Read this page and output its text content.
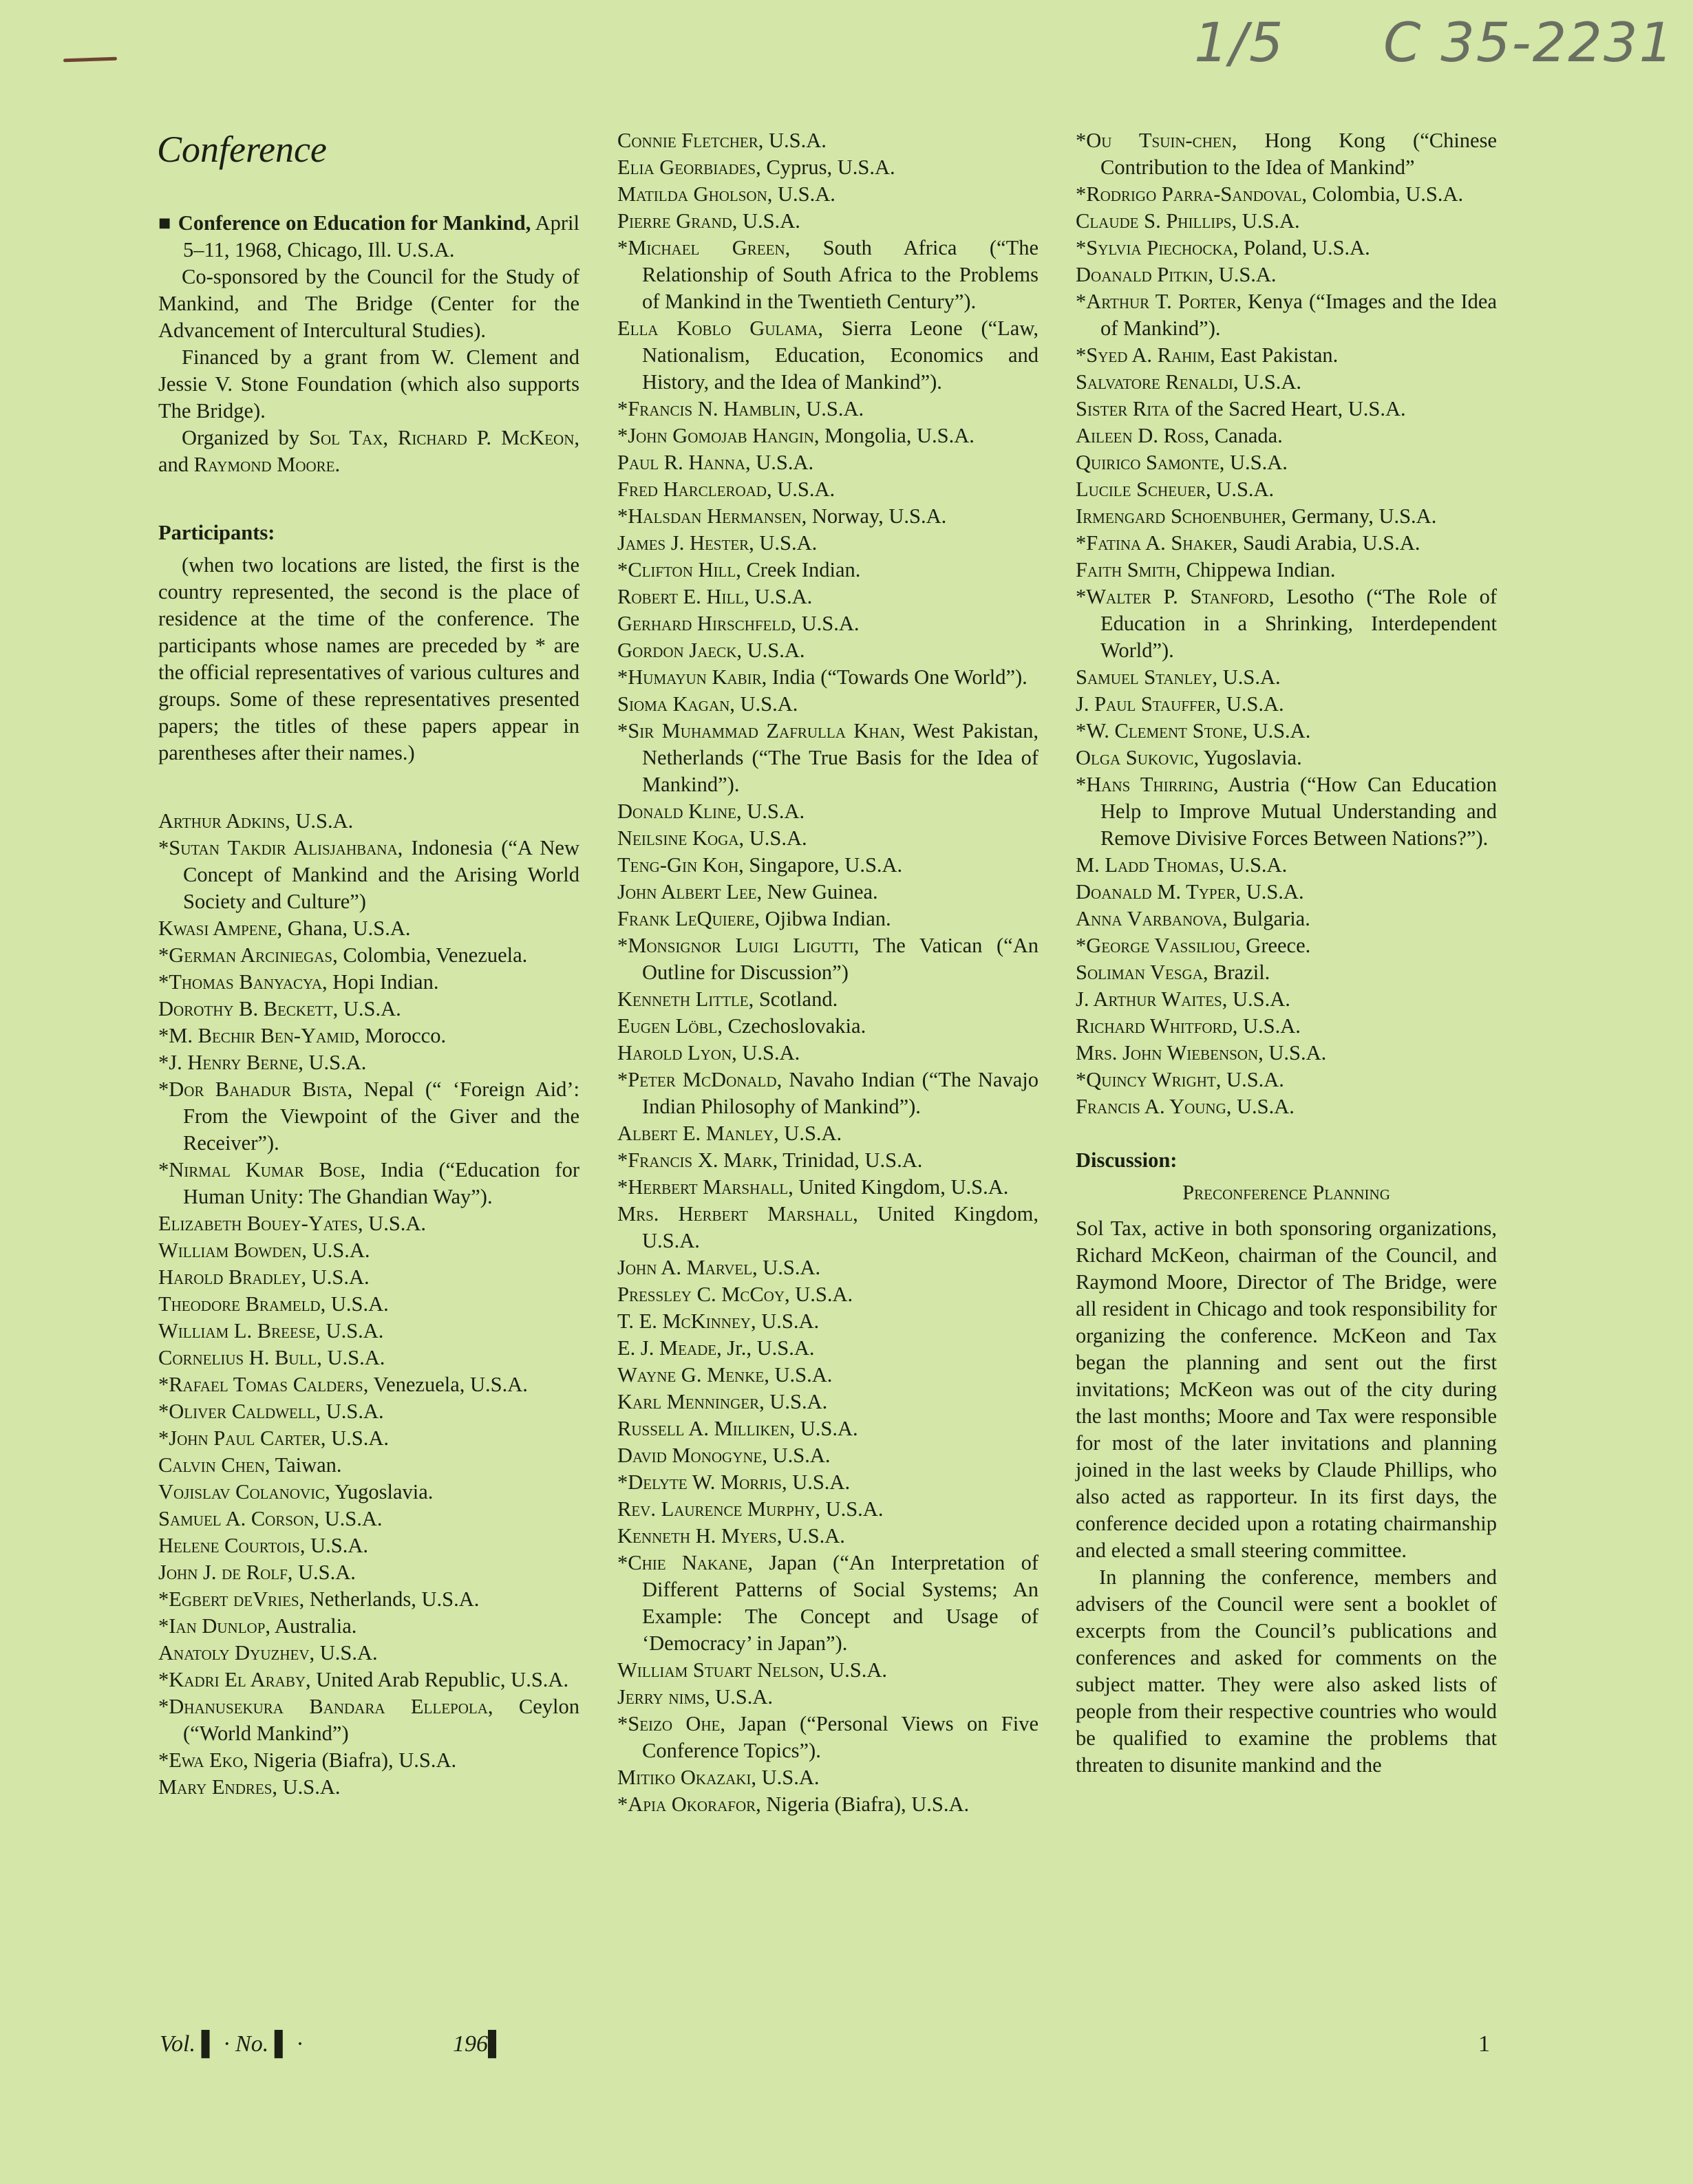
1/5 C 35-2231
Conference
■ Conference on Education for Mankind, April 5–11, 1968, Chicago, Ill. U.S.A.
Co-sponsored by the Council for the Study of Mankind, and The Bridge (Center for the Advancement of Intercultural Studies).
Financed by a grant from W. Clement and Jessie V. Stone Foundation (which also supports The Bridge).
Organized by Sol Tax, Richard P. McKeon, and Raymond Moore.
Participants:
(when two locations are listed, the first is the country represented, the second is the place of residence at the time of the conference. The participants whose names are preceded by * are the official representatives of various cultures and groups. Some of these representatives presented papers; the titles of these papers appear in parentheses after their names.)
Arthur Adkins, U.S.A.
*Sutan Takdir Alisjahbana, Indonesia (“A New Concept of Mankind and the Arising World Society and Culture”)
Kwasi Ampene, Ghana, U.S.A.
*German Arciniegas, Colombia, Venezuela.
*Thomas Banyacya, Hopi Indian.
Dorothy B. Beckett, U.S.A.
*M. Bechir Ben-Yamid, Morocco.
*J. Henry Berne, U.S.A.
*Dor Bahadur Bista, Nepal (“ ‘Foreign Aid’: From the Viewpoint of the Giver and the Receiver”).
*Nirmal Kumar Bose, India (“Education for Human Unity: The Ghandian Way”).
Elizabeth Bouey-Yates, U.S.A.
William Bowden, U.S.A.
Harold Bradley, U.S.A.
Theodore Brameld, U.S.A.
William L. Breese, U.S.A.
Cornelius H. Bull, U.S.A.
*Rafael Tomas Calders, Venezuela, U.S.A.
*Oliver Caldwell, U.S.A.
*John Paul Carter, U.S.A.
Calvin Chen, Taiwan.
Vojislav Colanovic, Yugoslavia.
Samuel A. Corson, U.S.A.
Helene Courtois, U.S.A.
John J. de Rolf, U.S.A.
*Egbert deVries, Netherlands, U.S.A.
*Ian Dunlop, Australia.
Anatoly Dyuzhev, U.S.A.
*Kadri El Araby, United Arab Republic, U.S.A.
*Dhanusekura Bandara Ellepola, Ceylon (“World Mankind”)
*Ewa Eko, Nigeria (Biafra), U.S.A.
Mary Endres, U.S.A.
Connie Fletcher, U.S.A.
Elia Georbiades, Cyprus, U.S.A.
Matilda Gholson, U.S.A.
Pierre Grand, U.S.A.
*Michael Green, South Africa (“The Relationship of South Africa to the Problems of Mankind in the Twentieth Century”).
Ella Koblo Gulama, Sierra Leone (“Law, Nationalism, Education, Economics and History, and the Idea of Mankind”).
*Francis N. Hamblin, U.S.A.
*John Gomojab Hangin, Mongolia, U.S.A.
Paul R. Hanna, U.S.A.
Fred Harcleroad, U.S.A.
*Halsdan Hermansen, Norway, U.S.A.
James J. Hester, U.S.A.
*Clifton Hill, Creek Indian.
Robert E. Hill, U.S.A.
Gerhard Hirschfeld, U.S.A.
Gordon Jaeck, U.S.A.
*Humayun Kabir, India (“Towards One World”).
Sioma Kagan, U.S.A.
*Sir Muhammad Zafrulla Khan, West Pakistan, Netherlands (“The True Basis for the Idea of Mankind”).
Donald Kline, U.S.A.
Neilsine Koga, U.S.A.
Teng-Gin Koh, Singapore, U.S.A.
John Albert Lee, New Guinea.
Frank LeQuiere, Ojibwa Indian.
*Monsignor Luigi Ligutti, The Vatican (“An Outline for Discussion”)
Kenneth Little, Scotland.
Eugen Löbl, Czechoslovakia.
Harold Lyon, U.S.A.
*Peter McDonald, Navaho Indian (“The Navajo Indian Philosophy of Mankind”).
Albert E. Manley, U.S.A.
*Francis X. Mark, Trinidad, U.S.A.
*Herbert Marshall, United Kingdom, U.S.A.
Mrs. Herbert Marshall, United Kingdom, U.S.A.
John A. Marvel, U.S.A.
Pressley C. McCoy, U.S.A.
T. E. McKinney, U.S.A.
E. J. Meade, Jr., U.S.A.
Wayne G. Menke, U.S.A.
Karl Menninger, U.S.A.
Russell A. Milliken, U.S.A.
David Monogyne, U.S.A.
*Delyte W. Morris, U.S.A.
Rev. Laurence Murphy, U.S.A.
Kenneth H. Myers, U.S.A.
*Chie Nakane, Japan (“An Interpretation of Different Patterns of Social Systems; An Example: The Concept and Usage of ‘Democracy’ in Japan”).
William Stuart Nelson, U.S.A.
Jerry nims, U.S.A.
*Seizo Ohe, Japan (“Personal Views on Five Conference Topics”).
Mitiko Okazaki, U.S.A.
*Apia Okorafor, Nigeria (Biafra), U.S.A.
*Ou Tsuin-chen, Hong Kong (“Chinese Contribution to the Idea of Mankind”
*Rodrigo Parra-Sandoval, Colombia, U.S.A.
Claude S. Phillips, U.S.A.
*Sylvia Piechocka, Poland, U.S.A.
Doanald Pitkin, U.S.A.
*Arthur T. Porter, Kenya (“Images and the Idea of Mankind”).
*Syed A. Rahim, East Pakistan.
Salvatore Renaldi, U.S.A.
Sister Rita of the Sacred Heart, U.S.A.
Aileen D. Ross, Canada.
Quirico Samonte, U.S.A.
Lucile Scheuer, U.S.A.
Irmengard Schoenbuher, Germany, U.S.A.
*Fatina A. Shaker, Saudi Arabia, U.S.A.
Faith Smith, Chippewa Indian.
*Walter P. Stanford, Lesotho (“The Role of Education in a Shrinking, Interdependent World”).
Samuel Stanley, U.S.A.
J. Paul Stauffer, U.S.A.
*W. Clement Stone, U.S.A.
Olga Sukovic, Yugoslavia.
*Hans Thirring, Austria (“How Can Education Help to Improve Mutual Understanding and Remove Divisive Forces Between Nations?”).
M. Ladd Thomas, U.S.A.
Doanald M. Typer, U.S.A.
Anna Varbanova, Bulgaria.
*George Vassiliou, Greece.
Soliman Vesga, Brazil.
J. Arthur Waites, U.S.A.
Richard Whitford, U.S.A.
Mrs. John Wiebenson, U.S.A.
*Quincy Wright, U.S.A.
Francis A. Young, U.S.A.
Discussion:
Preconference Planning
Sol Tax, active in both sponsoring organizations, Richard McKeon, chairman of the Council, and Raymond Moore, Director of The Bridge, were all resident in Chicago and took responsibility for organizing the conference. McKeon and Tax began the planning and sent out the first invitations; McKeon was out of the city during the last months; Moore and Tax were responsible for most of the later invitations and planning joined in the last weeks by Claude Phillips, who also acted as rapporteur. In its first days, the conference decided upon a rotating chairmanship and elected a small steering committee.
In planning the conference, members and advisers of the Council were sent a booklet of excerpts from the Council’s publications and conferences and asked for comments on the subject matter. They were also asked lists of people from their respective countries who would be qualified to examine the problems that threaten to disunite mankind and the
Vol. ▌ · No. ▌ ·	196▌	1
